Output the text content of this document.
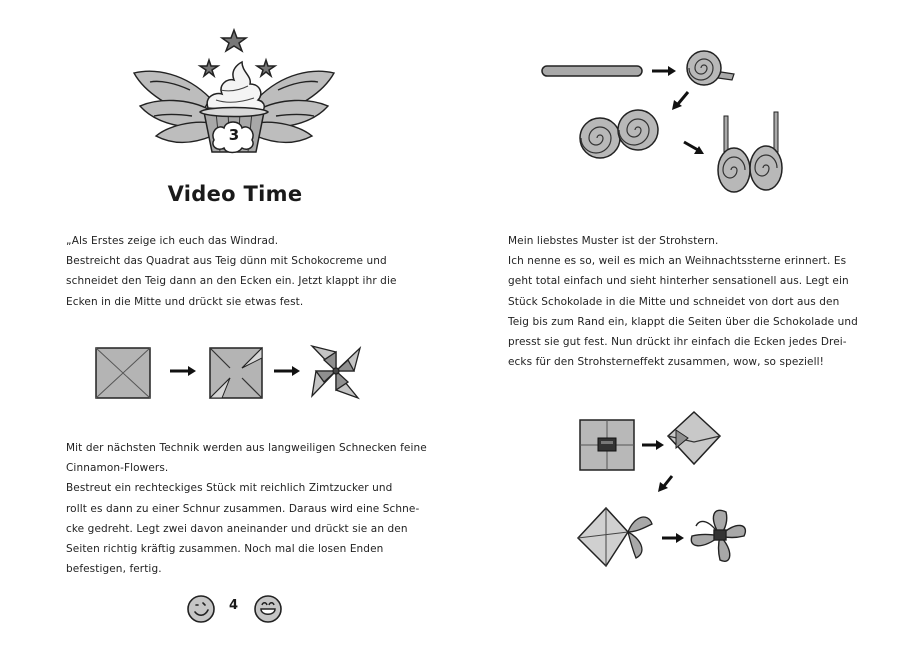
3
Video Time
„Als Erstes zeige ich euch das Windrad.
Bestreicht das Quadrat aus Teig dünn mit Schokocreme und
schneidet den Teig dann an den Ecken ein. Jetzt klappt ihr die
Ecken in die Mitte und drückt sie etwas fest.
Mit der nächsten Technik werden aus langweiligen Schnecken feine
Cinnamon-Flowers.
Bestreut ein rechteckiges Stück mit reichlich Zimtzucker und
rollt es dann zu einer Schnur zusammen. Daraus wird eine Schne-
cke gedreht. Legt zwei davon aneinander und drückt sie an den
Seiten richtig kräftig zusammen. Noch mal die losen Enden
befestigen, fertig.
4
Mein liebstes Muster ist der Strohstern.
Ich nenne es so, weil es mich an Weihnachtssterne erinnert. Es
geht total einfach und sieht hinterher sensationell aus. Legt ein
Stück Schokolade in die Mitte und schneidet von dort aus den
Teig bis zum Rand ein, klappt die Seiten über die Schokolade und
presst sie gut fest. Nun drückt ihr einfach die Ecken jedes Drei-
ecks für den Strohsterneffekt zusammen, wow, so speziell!
